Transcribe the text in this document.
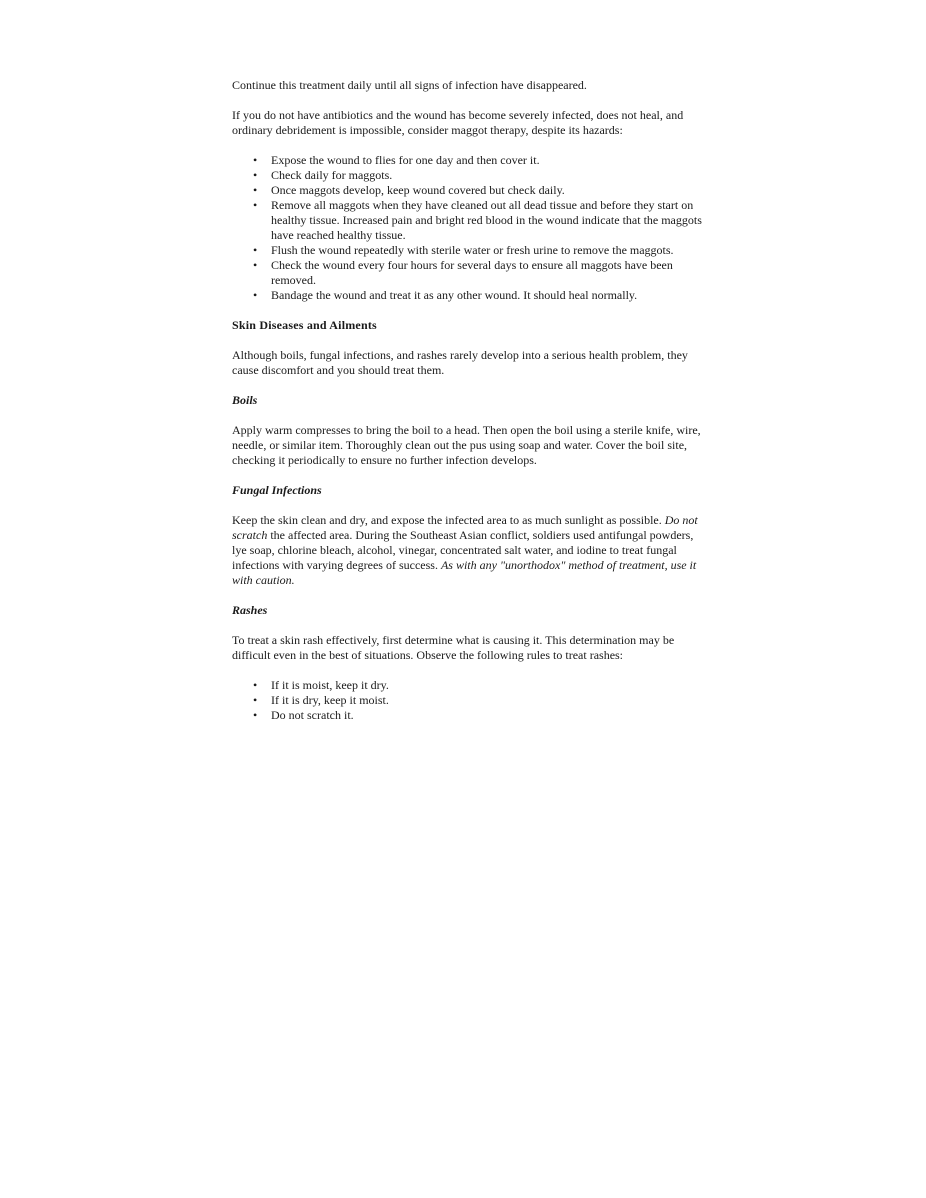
Continue this treatment daily until all signs of infection have disappeared.

If you do not have antibiotics and the wound has become severely infected, does not heal, and ordinary debridement is impossible, consider maggot therapy, despite its hazards:

• Expose the wound to flies for one day and then cover it.
• Check daily for maggots.
• Once maggots develop, keep wound covered but check daily.
• Remove all maggots when they have cleaned out all dead tissue and before they start on healthy tissue. Increased pain and bright red blood in the wound indicate that the maggots have reached healthy tissue.
• Flush the wound repeatedly with sterile water or fresh urine to remove the maggots.
• Check the wound every four hours for several days to ensure all maggots have been removed.
• Bandage the wound and treat it as any other wound. It should heal normally.
Skin Diseases and Ailments

Although boils, fungal infections, and rashes rarely develop into a serious health problem, they cause discomfort and you should treat them.

Boils

Apply warm compresses to bring the boil to a head. Then open the boil using a sterile knife, wire, needle, or similar item. Thoroughly clean out the pus using soap and water. Cover the boil site, checking it periodically to ensure no further infection develops.

Fungal Infections

Keep the skin clean and dry, and expose the infected area to as much sunlight as possible. Do not scratch the affected area. During the Southeast Asian conflict, soldiers used antifungal powders, lye soap, chlorine bleach, alcohol, vinegar, concentrated salt water, and iodine to treat fungal infections with varying degrees of success. As with any "unorthodox" method of treatment, use it with caution.

Rashes

To treat a skin rash effectively, first determine what is causing it. This determination may be difficult even in the best of situations. Observe the following rules to treat rashes:

• If it is moist, keep it dry.
• If it is dry, keep it moist.
• Do not scratch it.
